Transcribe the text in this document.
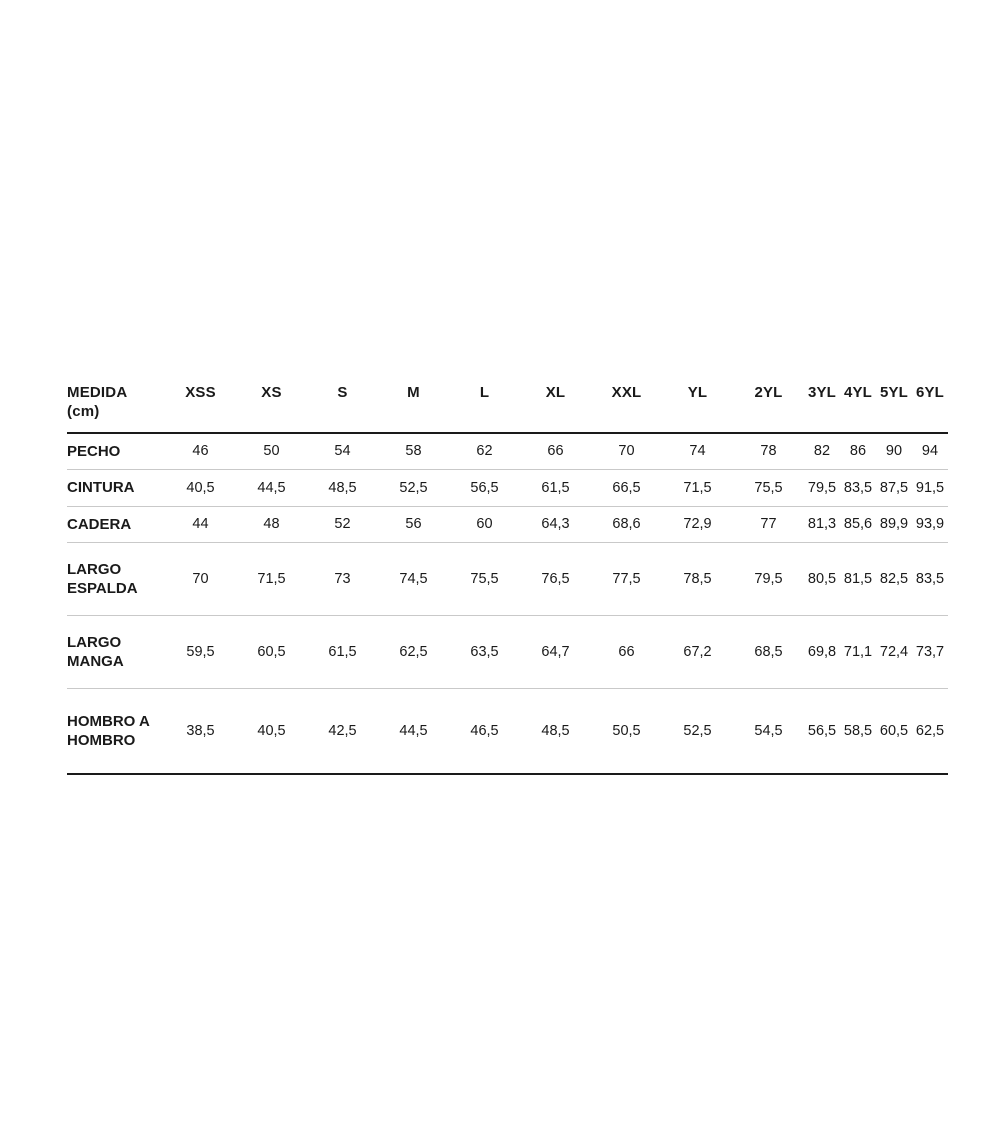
MEDIDA
(cm)	XSS	XS	S	M	L	XL	XXL	YL	2YL	3YL	4YL	5YL	6YL
PECHO	46	50	54	58	62	66	70	74	78	82	86	90	94
CINTURA	40,5	44,5	48,5	52,5	56,5	61,5	66,5	71,5	75,5	79,5	83,5	87,5	91,5
CADERA	44	48	52	56	60	64,3	68,6	72,9	77	81,3	85,6	89,9	93,9
LARGO ESPALDA	70	71,5	73	74,5	75,5	76,5	77,5	78,5	79,5	80,5	81,5	82,5	83,5
LARGO MANGA	59,5	60,5	61,5	62,5	63,5	64,7	66	67,2	68,5	69,8	71,1	72,4	73,7
HOMBRO A HOMBRO	38,5	40,5	42,5	44,5	46,5	48,5	50,5	52,5	54,5	56,5	58,5	60,5	62,5
